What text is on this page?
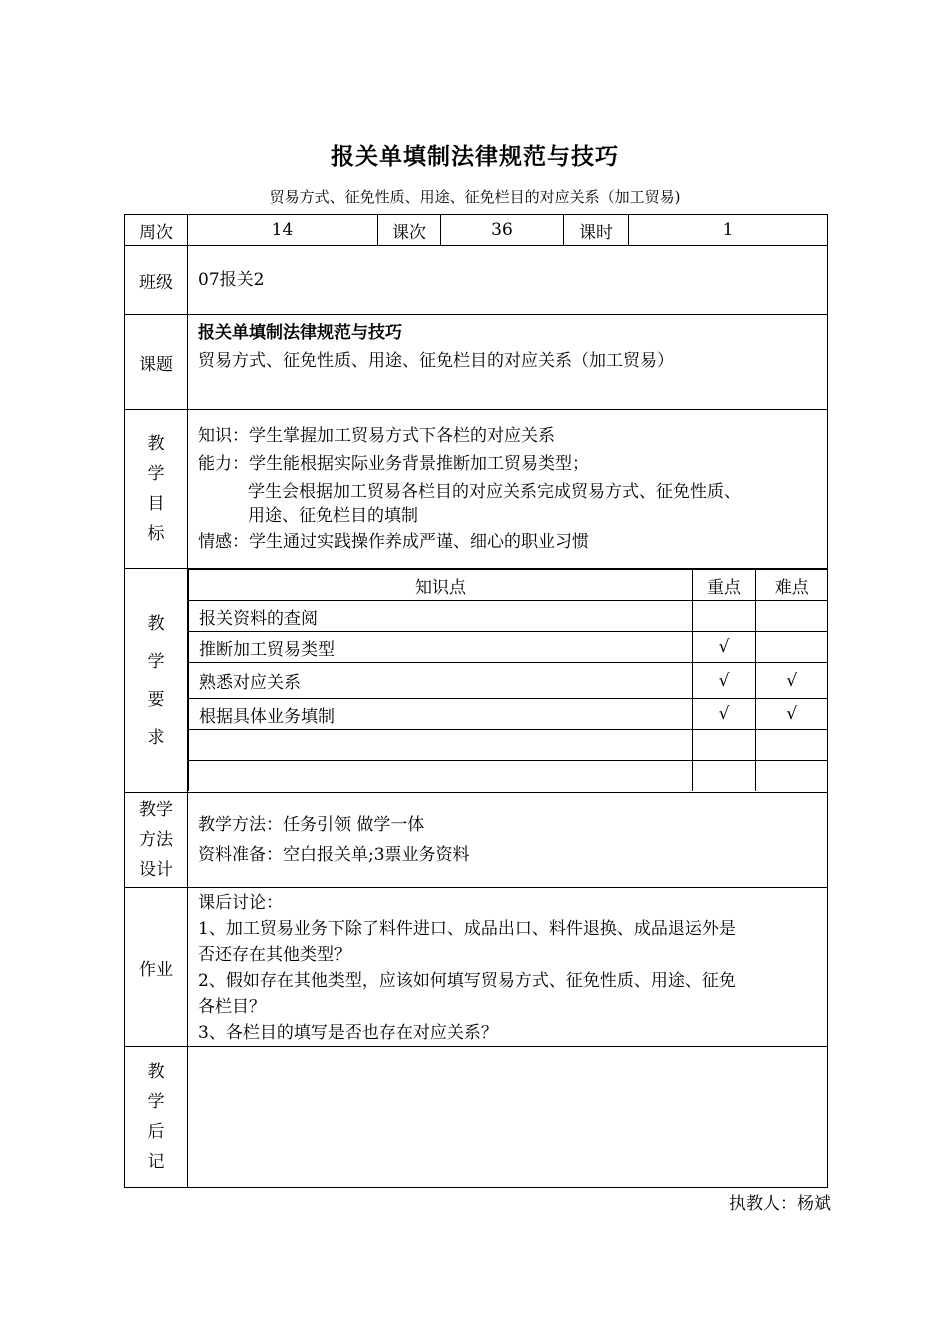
报关单填制法律规范与技巧
贸易方式、征免性质、用途、征免栏目的对应关系（加工贸易)
周次	14	课次	36	课时	1
班级	07报关2
课题	
报关单填制法律规范与技巧
贸易方式、征免性质、用途、征免栏目的对应关系（加工贸易）

教
学
目
标

知识：学生掌握加工贸易方式下各栏的对应关系
能力：学生能根据实际业务背景推断加工贸易类型；
学生会根据加工贸易各栏目的对应关系完成贸易方式、征免性质、
用途、征免栏目的填制
情感：学生通过实践操作养成严谨、细心的职业习惯

教
学
要
求

知识点	重点	难点
报关资料的查阅		
推断加工贸易类型	√	
熟悉对应关系	√	√
根据具体业务填制	√	√

教学
方法
设计

教学方法：任务引领 做学一体
资料准备：空白报关单;3票业务资料

作业	
课后讨论：
1、加工贸易业务下除了料件进口、成品出口、料件退换、成品退运外是
否还存在其他类型？
2、假如存在其他类型，应该如何填写贸易方式、征免性质、用途、征免
各栏目？
3、各栏目的填写是否也存在对应关系？

教
学
后
记

执教人：杨斌
